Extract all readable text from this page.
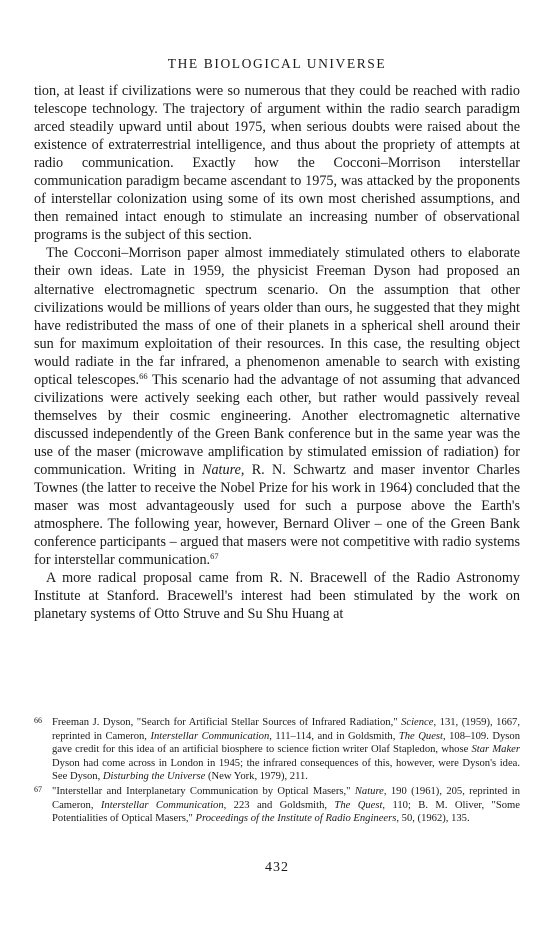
THE BIOLOGICAL UNIVERSE

tion, at least if civilizations were so numerous that they could be reached with radio telescope technology. The trajectory of argument within the radio search paradigm arced steadily upward until about 1975, when serious doubts were raised about the existence of extraterrestrial intelligence, and thus about the propriety of attempts at radio communication. Exactly how the Cocconi–Morrison interstellar communication paradigm became ascendant to 1975, was attacked by the proponents of interstellar colonization using some of its own most cherished assumptions, and then remained intact enough to stimulate an increasing number of observational programs is the subject of this section.

The Cocconi–Morrison paper almost immediately stimulated others to elaborate their own ideas. Late in 1959, the physicist Freeman Dyson had proposed an alternative electromagnetic spectrum scenario. On the assumption that other civilizations would be millions of years older than ours, he suggested that they might have redistributed the mass of one of their planets in a spherical shell around their sun for maximum exploitation of their resources. In this case, the resulting object would radiate in the far infrared, a phenomenon amenable to search with existing optical telescopes.$^{66}$ This scenario had the advantage of not assuming that advanced civilizations were actively seeking each other, but rather would passively reveal themselves by their cosmic engineering. Another electromagnetic alternative discussed independently of the Green Bank conference but in the same year was the use of the maser (microwave amplification by stimulated emission of radiation) for communication. Writing in Nature, R. N. Schwartz and maser inventor Charles Townes (the latter to receive the Nobel Prize for his work in 1964) concluded that the maser was most advantageously used for such a purpose above the Earth's atmosphere. The following year, however, Bernard Oliver – one of the Green Bank conference participants – argued that masers were not competitive with radio systems for interstellar communication.$^{67}$

A more radical proposal came from R. N. Bracewell of the Radio Astronomy Institute at Stanford. Bracewell's interest had been stimulated by the work on planetary systems of Otto Struve and Su Shu Huang at

66 Freeman J. Dyson, "Search for Artificial Stellar Sources of Infrared Radiation," Science, 131, (1959), 1667, reprinted in Cameron, Interstellar Communication, 111–114, and in Goldsmith, The Quest, 108–109. Dyson gave credit for this idea of an artificial biosphere to science fiction writer Olaf Stapledon, whose Star Maker Dyson had come across in London in 1945; the infrared consequences of this, however, were Dyson's idea. See Dyson, Disturbing the Universe (New York, 1979), 211.
67 "Interstellar and Interplanetary Communication by Optical Masers," Nature, 190 (1961), 205, reprinted in Cameron, Interstellar Communication, 223 and Goldsmith, The Quest, 110; B. M. Oliver, "Some Potentialities of Optical Masers," Proceedings of the Institute of Radio Engineers, 50, (1962), 135.
432
